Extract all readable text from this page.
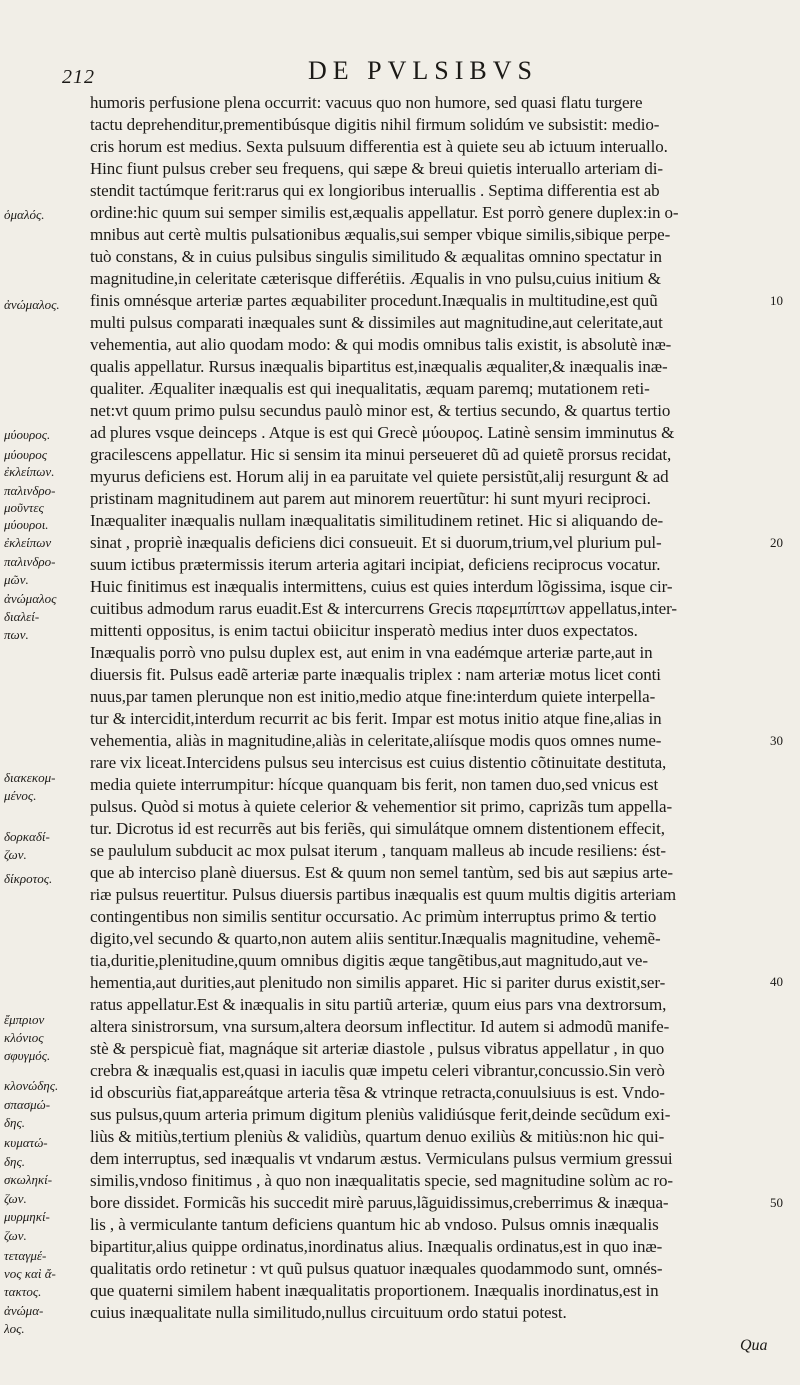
212	DE PVLSIBVS
humoris perfusione plena occurrit: vacuus quo non humore, sed quasi flatu turgere
tactu deprehenditur,prementibúsque digitis nihil firmum solidúm ve subsistit: medio-
cris horum est medius. Sexta pulsuum differentia est à quiete seu ab ictuum interuallo.
Hinc fiunt pulsus creber seu frequens, qui sæpe & breui quietis interuallo arteriam di-
stendit tactúmque ferit:rarus qui ex longioribus interuallis . Septima differentia est ab
ordine:hic quum sui semper similis est,æqualis appellatur. Est porrò genere duplex:in o-
mnibus aut certè multis pulsationibus æqualis,sui semper vbique similis,sibique perpe-
tuò constans, & in cuius pulsibus singulis similitudo & æqualitas omnino spectatur in
magnitudine,in celeritate cæterisque differétiis. Æqualis in vno pulsu,cuius initium &
finis omnésque arteriæ partes æquabiliter procedunt.Inæqualis in multitudine,est quũ
multi pulsus comparati inæquales sunt & dissimiles aut magnitudine,aut celeritate,aut
vehementia, aut alio quodam modo: & qui modis omnibus talis existit, is absolutè inæ-
qualis appellatur. Rursus inæqualis bipartitus est,inæqualis æqualiter,& inæqualis inæ-
qualiter. Æqualiter inæqualis est qui inequalitatis, æquam paremq; mutationem reti-
net:vt quum primo pulsu secundus paulò minor est, & tertius secundo, & quartus tertio
ad plures vsque deinceps . Atque is est qui Grecè μύουρος. Latinè sensim imminutus &
gracilescens appellatur. Hic si sensim ita minui perseueret dũ ad quietẽ prorsus recidat,
myurus deficiens est. Horum alij in ea paruitate vel quiete persistũt,alij resurgunt & ad
pristinam magnitudinem aut parem aut minorem reuertũtur: hi sunt myuri reciproci.
Inæqualiter inæqualis nullam inæqualitatis similitudinem retinet. Hic si aliquando de-
sinat , propriè inæqualis deficiens dici consueuit. Et si duorum,trium,vel plurium pul-
suum ictibus prætermissis iterum arteria agitari incipiat, deficiens reciprocus vocatur.
Huic finitimus est inæqualis intermittens, cuius est quies interdum lõgissima, isque cir-
cuitibus admodum rarus euadit.Est & intercurrens Grecis παρεμπίπτων appellatus,inter-
mittenti oppositus, is enim tactui obiicitur insperatò medius inter duos expectatos.
Inæqualis porrò vno pulsu duplex est, aut enim in vna eadémque arteriæ parte,aut in
diuersis fit. Pulsus eadẽ arteriæ parte inæqualis triplex : nam arteriæ motus licet conti
nuus,par tamen plerunque non est initio,medio atque fine:interdum quiete interpella-
tur & intercidit,interdum recurrit ac bis ferit. Impar est motus initio atque fine,alias in
vehementia, aliàs in magnitudine,aliàs in celeritate,aliísque modis quos omnes nume-
rare vix liceat.Intercidens pulsus seu intercisus est cuius distentio cõtinuitate destituta,
media quiete interrumpitur: hícque quanquam bis ferit, non tamen duo,sed vnicus est
pulsus. Quòd si motus à quiete celerior & vehementior sit primo, caprizãs tum appella-
tur. Dicrotus id est recurrẽs aut bis feriẽs, qui simulátque omnem distentionem effecit,
se paululum subducit ac mox pulsat iterum , tanquam malleus ab incude resiliens: ést-
que ab interciso planè diuersus. Est & quum non semel tantùm, sed bis aut sæpius arte-
riæ pulsus reuertitur. Pulsus diuersis partibus inæqualis est quum multis digitis arteriam
contingentibus non similis sentitur occursatio. Ac primùm interruptus primo & tertio
digito,vel secundo & quarto,non autem aliis sentitur.Inæqualis magnitudine, vehemẽ-
tia,duritie,plenitudine,quum omnibus digitis æque tangẽtibus,aut magnitudo,aut ve-
hementia,aut durities,aut plenitudo non similis apparet. Hic si pariter durus existit,ser-
ratus appellatur.Est & inæqualis in situ partiũ arteriæ, quum eius pars vna dextrorsum,
altera sinistrorsum, vna sursum,altera deorsum inflectitur. Id autem si admodũ manife-
stè & perspicuè fiat, magnáque sit arteriæ diastole , pulsus vibratus appellatur , in quo
crebra & inæqualis est,quasi in iaculis quæ impetu celeri vibrantur,concussio.Sin verò
id obscuriùs fiat,appareátque arteria tẽsa & vtrinque retracta,conuulsiuus is est. Vndo-
sus pulsus,quum arteria primum digitum pleniùs validiúsque ferit,deinde secũdum exi-
liùs & mitiùs,tertium pleniùs & validiùs, quartum denuo exiliùs & mitiùs:non hic qui-
dem interruptus, sed inæqualis vt vndarum æstus. Vermiculans pulsus vermium gressui
similis,vndoso finitimus , à quo non inæqualitatis specie, sed magnitudine solùm ac ro-
bore dissidet. Formicãs his succedit mirè paruus,lãguidissimus,creberrimus & inæqua-
lis , à vermiculante tantum deficiens quantum hic ab vndoso. Pulsus omnis inæqualis
bipartitur,alius quippe ordinatus,inordinatus alius. Inæqualis ordinatus,est in quo inæ-
qualitatis ordo retinetur : vt quũ pulsus quatuor inæquales quodammodo sunt, omnés-
que quaterni similem habent inæqualitatis proportionem. Inæqualis inordinatus,est in
cuius inæqualitate nulla similitudo,nullus circuituum ordo statui potest.
ὁμαλός.
ἀνώμαλος.
μύουρος.
μύουρος
ἐκλείπων.
παλινδρο-
μοῦντες
μύουροι.
ἐκλείπων
παλινδρο-
μῶν.
ἀνώμαλος
διαλεί-
πων.
διακεκομ-
μένος.
δορκαδί-
ζων.
δίκροτος.
ἔμπριον
κλόνιος
σφυγμός.
κλονώδης.
σπασμώ-
δης.
κυματώ-
δης.
σκωληκί-
ζων.
μυρμηκί-
ζων.
τεταγμέ-
νος καὶ ἄ-
τακτος.
ἀνώμα-
λος.
10
20
30
40
50
Qua
